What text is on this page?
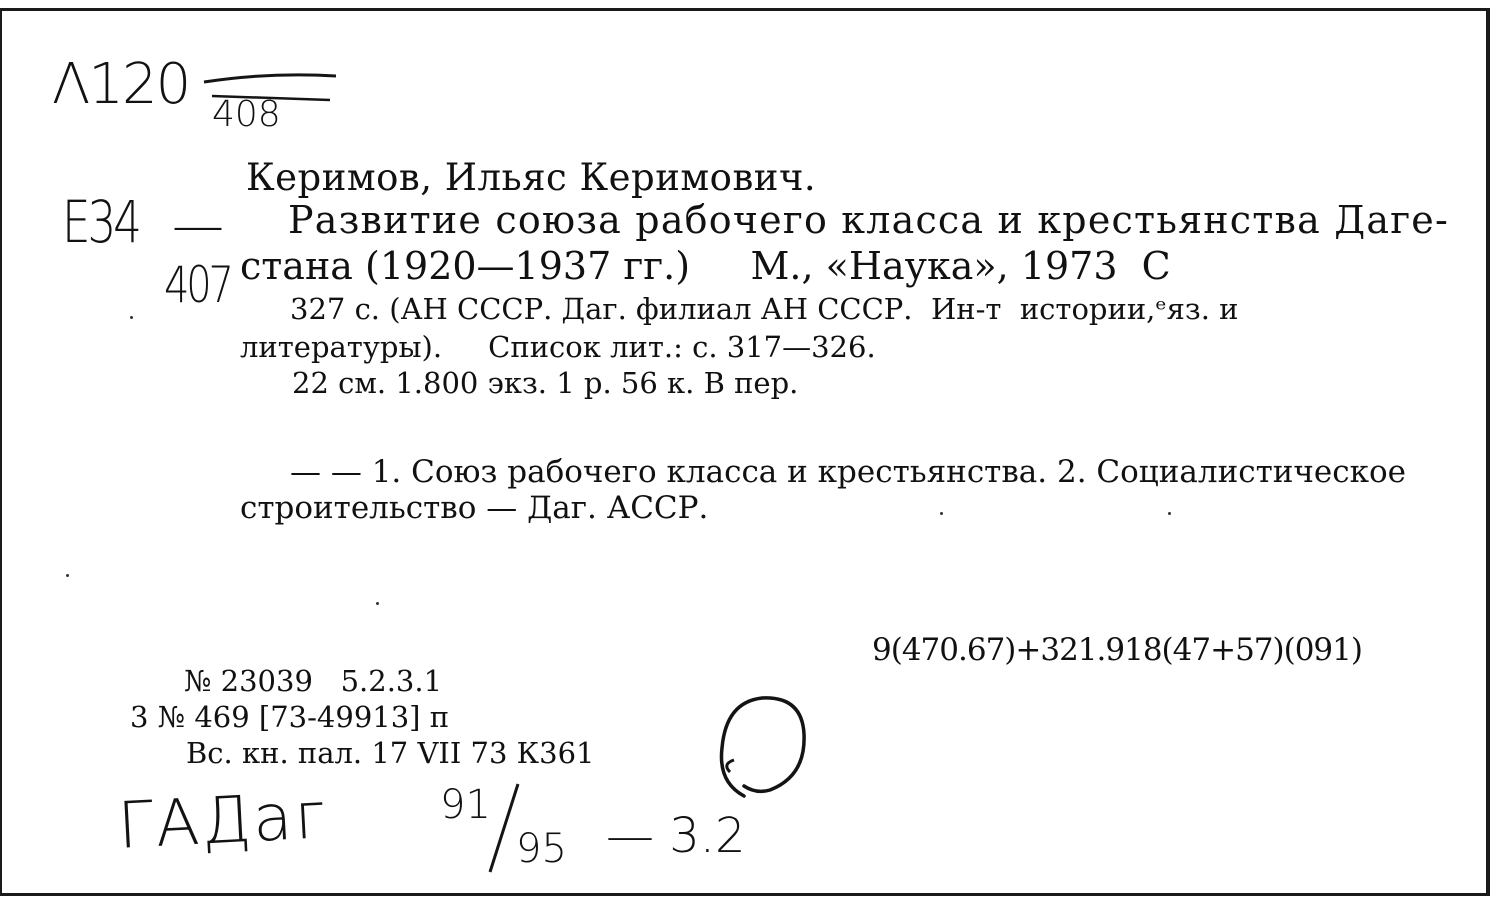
Λ120 408
Е34 —
407
Керимов, Ильяс Керимович.
Развитие союза рабочего класса и крестьянства Даге-
стана (1920—1937 гг.)     М., «Наука», 1973  С
327 с. (АН СССР. Даг. филиал АН СССР.  Ин-т  истории,ᵉяз. и
литературы).     Список лит.: с. 317—326.
22 см. 1.800 экз. 1 р. 56 к. В пер.
— — 1. Союз рабочего класса и крестьянства. 2. Социалистическое
строительство — Даг. АССР.
9(470.67)+321.918(47+57)(091)
№ 23039   5.2.3.1
3 № 469 [73-49913] п
Вс. кн. пал. 17 VII 73 К361
ГАДаг	91
95 — 3.2
